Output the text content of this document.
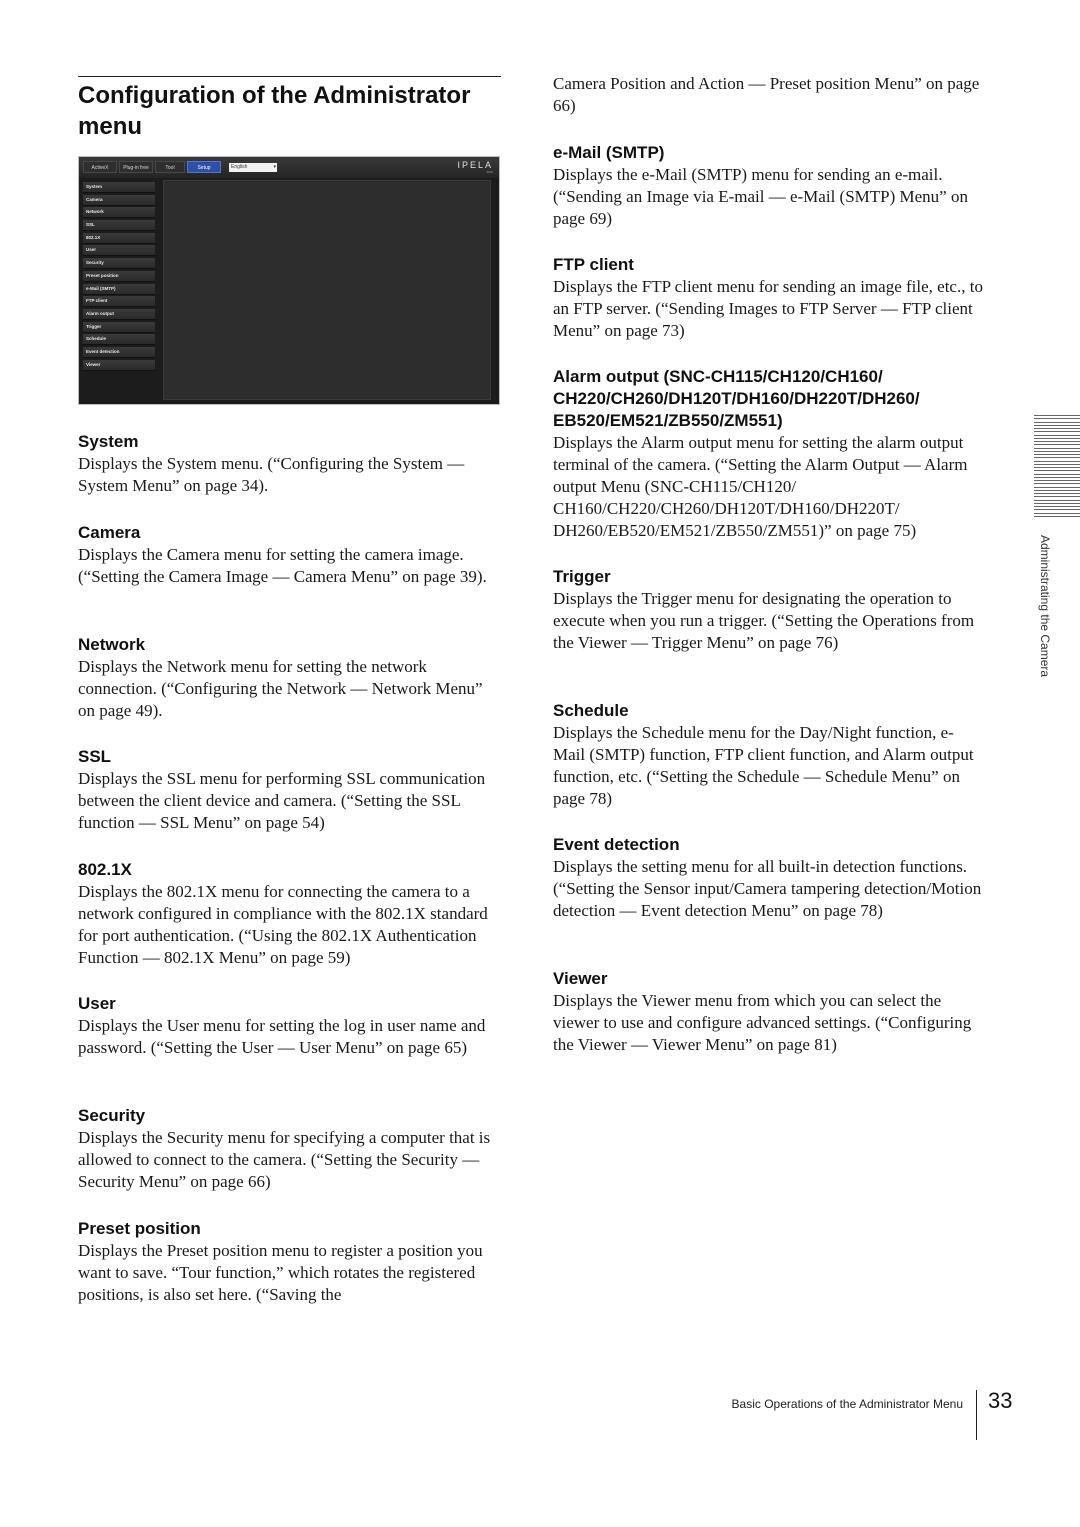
Configuration of the Administrator menu
ActiveX	Plug-in free	Tool	Setup	English	▾	IPELA
SNC
System
Camera
Network
SSL
802.1X
User
Security
Preset position
e-Mail (SMTP)
FTP client
Alarm output
Trigger
Schedule
Event detection
Viewer
System

Displays the System menu. (“Configuring the System — System Menu” on page 34).

Camera

Displays the Camera menu for setting the camera image. (“Setting the Camera Image — Camera Menu” on page 39).

Network

Displays the Network menu for setting the network connection. (“Configuring the Network — Network Menu” on page 49).

SSL

Displays the SSL menu for performing SSL communication between the client device and camera. (“Setting the SSL function — SSL Menu” on page 54)

802.1X

Displays the 802.1X menu for connecting the camera to a network configured in compliance with the 802.1X standard for port authentication. (“Using the 802.1X Authentication Function — 802.1X Menu” on page 59)

User

Displays the User menu for setting the log in user name and password. (“Setting the User — User Menu” on page 65)

Security

Displays the Security menu for specifying a computer that is allowed to connect to the camera. (“Setting the Security — Security Menu” on page 66)

Preset position

Displays the Preset position menu to register a position you want to save. “Tour function,” which rotates the registered positions, is also set here. (“Saving the

Camera Position and Action — Preset position Menu” on page 66)

e-Mail (SMTP)

Displays the e-Mail (SMTP) menu for sending an e-mail. (“Sending an Image via E-mail — e-Mail (SMTP) Menu” on page 69)

FTP client

Displays the FTP client menu for sending an image file, etc., to an FTP server. (“Sending Images to FTP Server — FTP client Menu” on page 73)

Alarm output (SNC-CH115/CH120/CH160/ CH220/CH260/DH120T/DH160/DH220T/DH260/ EB520/EM521/ZB550/ZM551)

Displays the Alarm output menu for setting the alarm output terminal of the camera. (“Setting the Alarm Output — Alarm output Menu (SNC-CH115/CH120/ CH160/CH220/CH260/DH120T/DH160/DH220T/ DH260/EB520/EM521/ZB550/ZM551)” on page 75)

Trigger

Displays the Trigger menu for designating the operation to execute when you run a trigger. (“Setting the Operations from the Viewer — Trigger Menu” on page 76)

Schedule

Displays the Schedule menu for the Day/Night function, e-Mail (SMTP) function, FTP client function, and Alarm output function, etc. (“Setting the Schedule — Schedule Menu” on page 78)

Event detection

Displays the setting menu for all built-in detection functions. (“Setting the Sensor input/Camera tampering detection/Motion detection — Event detection Menu” on page 78)

Viewer

Displays the Viewer menu from which you can select the viewer to use and configure advanced settings. (“Configuring the Viewer — Viewer Menu” on page 81)

Administrating the Camera
Basic Operations of the Administrator Menu 33
